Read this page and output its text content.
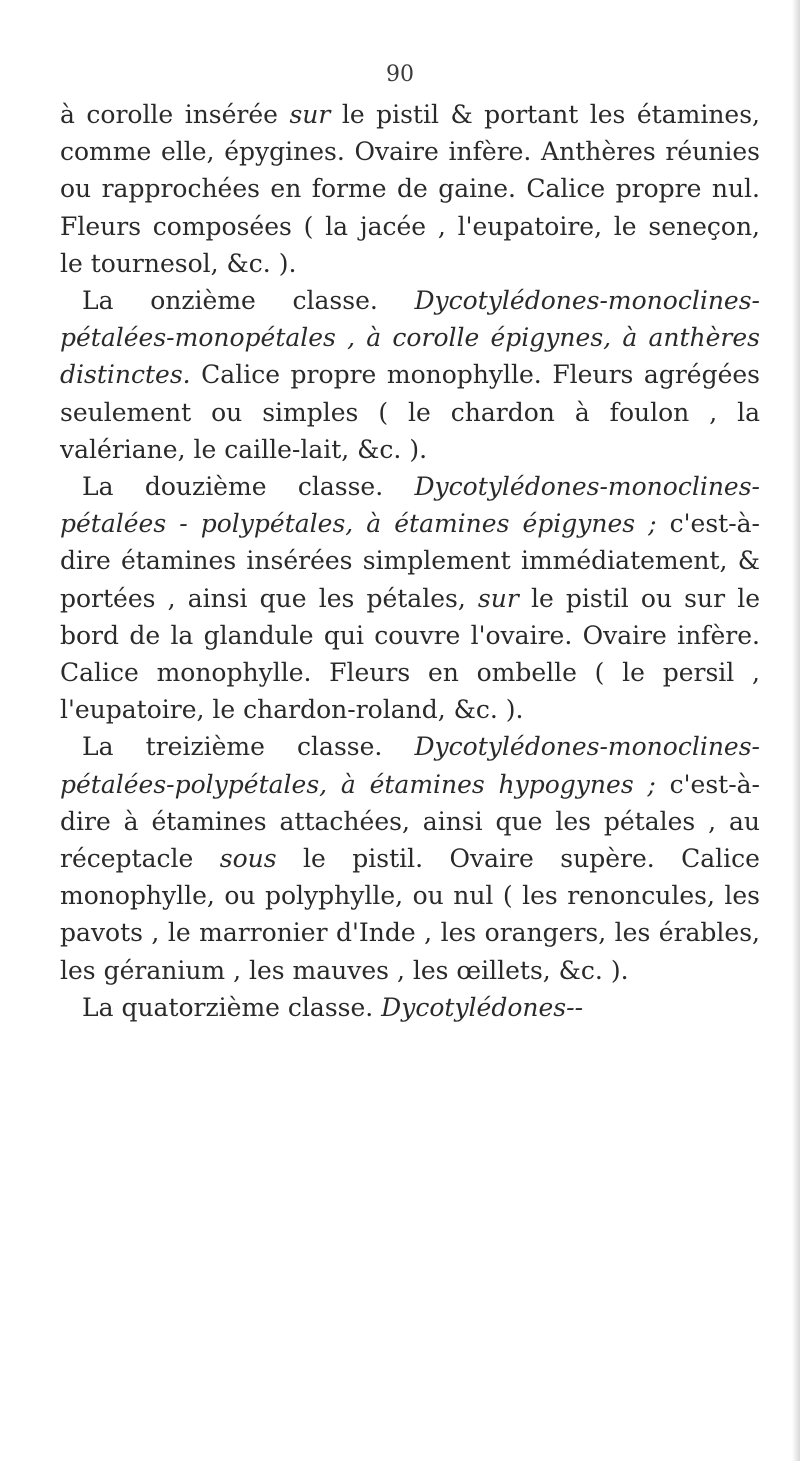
90

à corolle insérée sur le pistil & portant les étamines, comme elle, épygines. Ovaire infère. Anthères réunies ou rapprochées en forme de gaine. Calice propre nul. Fleurs composées ( la jacée , l'eupatoire, le seneçon, le tournesol, &c. ).

La onzième classe. Dycotylédones-monoclines-pétalées-monopétales , à corolle épigynes, à anthères distinctes. Calice propre monophylle. Fleurs agrégées seulement ou simples ( le chardon à foulon , la valériane, le caille-lait, &c. ).

La douzième classe. Dycotylédones-monoclines-pétalées - polypétales, à étamines épigynes ; c'est-à-dire étamines insérées simplement immédiatement, & portées , ainsi que les pétales, sur le pistil ou sur le bord de la glandule qui couvre l'ovaire. Ovaire infère. Calice monophylle. Fleurs en ombelle ( le persil , l'eupatoire, le chardon-roland, &c. ).

La treizième classe. Dycotylédones-monoclines-pétalées-polypétales, à étamines hypogynes ; c'est-à-dire à étamines attachées, ainsi que les pétales , au réceptacle sous le pistil. Ovaire supère. Calice monophylle, ou polyphylle, ou nul ( les renoncules, les pavots , le marronier d'Inde , les orangers, les érables, les géranium , les mauves , les œillets, &c. ).

La quatorzième classe. Dycotylédones--
